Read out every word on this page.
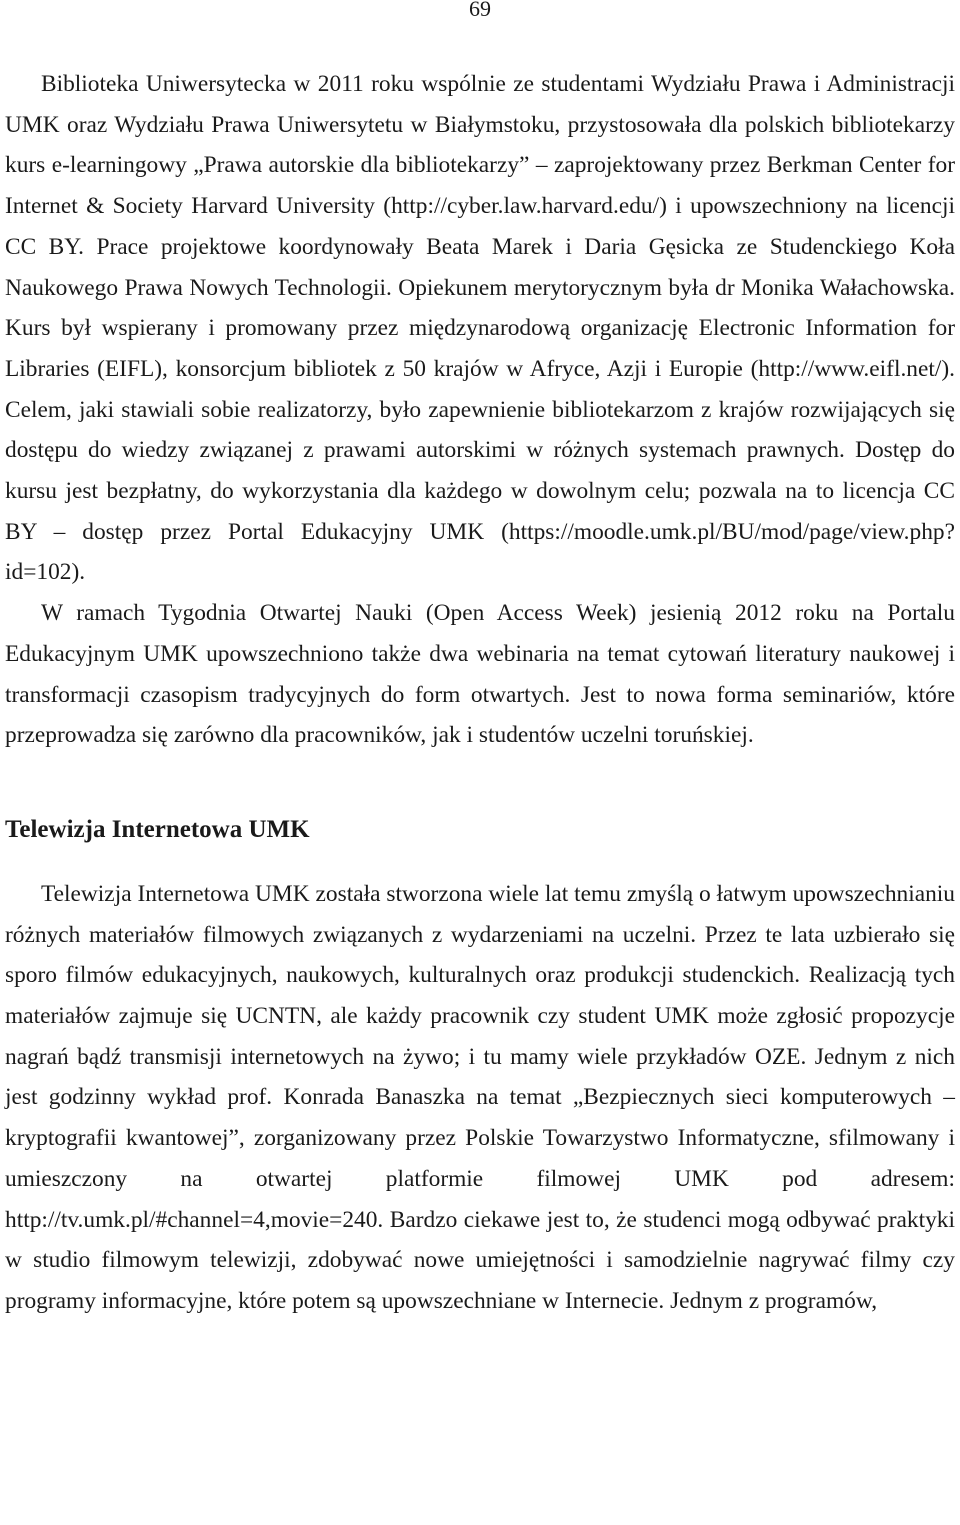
69

Biblioteka Uniwersytecka w 2011 roku wspólnie ze studentami Wydziału Prawa i Administracji UMK oraz Wydziału Prawa Uniwersytetu w Białymstoku, przystosowała dla polskich bibliotekarzy kurs e-learningowy „Prawa autorskie dla bibliotekarzy” – zaprojektowany przez Berkman Center for Internet & Society Harvard University (http://cyber.law.harvard.edu/) i upowszechniony na licencji CC BY. Prace projektowe koordynowały Beata Marek i Daria Gęsicka ze Studenckiego Koła Naukowego Prawa Nowych Technologii. Opiekunem merytorycznym była dr Monika Wałachowska. Kurs był wspierany i promowany przez międzynarodową organizację Electronic Information for Libraries (EIFL), konsorcjum bibliotek z 50 krajów w Afryce, Azji i Europie (http://www.eifl.net/). Celem, jaki stawiali sobie realizatorzy, było zapewnienie bibliotekarzom z krajów rozwijających się dostępu do wiedzy związanej z prawami autorskimi w różnych systemach prawnych. Dostęp do kursu jest bezpłatny, do wykorzystania dla każdego w dowolnym celu; pozwala na to licencja CC BY – dostęp przez Portal Edukacyjny UMK (https://moodle.umk.pl/BU/mod/page/view.php?id=102).

W ramach Tygodnia Otwartej Nauki (Open Access Week) jesienią 2012 roku na Portalu Edukacyjnym UMK upowszechniono także dwa webinaria na temat cytowań literatury naukowej i transformacji czasopism tradycyjnych do form otwartych. Jest to nowa forma seminariów, które przeprowadza się zarówno dla pracowników, jak i studentów uczelni toruńskiej.

Telewizja Internetowa UMK

Telewizja Internetowa UMK została stworzona wiele lat temu zmyślą o łatwym upowszechnianiu różnych materiałów filmowych związanych z wydarzeniami na uczelni. Przez te lata uzbierało się sporo filmów edukacyjnych, naukowych, kulturalnych oraz produkcji studenckich. Realizacją tych materiałów zajmuje się UCNTN, ale każdy pracownik czy student UMK może zgłosić propozycje nagrań bądź transmisji internetowych na żywo; i tu mamy wiele przykładów OZE. Jednym z nich jest godzinny wykład prof. Konrada Banaszka na temat „Bezpiecznych sieci komputerowych – kryptografii kwantowej”, zorganizowany przez Polskie Towarzystwo Informatyczne, sfilmowany i umieszczony na otwartej platformie filmowej UMK pod adresem: http://tv.umk.pl/#channel=4,movie=240. Bardzo ciekawe jest to, że studenci mogą odbywać praktyki w studio filmowym telewizji, zdobywać nowe umiejętności i samodzielnie nagrywać filmy czy programy informacyjne, które potem są upowszechniane w Internecie. Jednym z programów,
